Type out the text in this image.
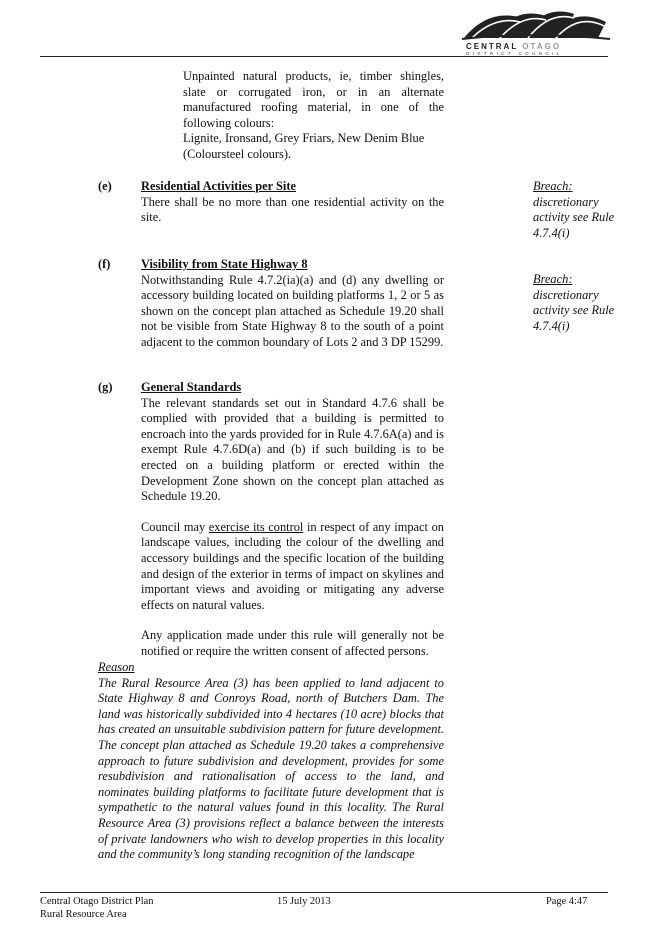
CENTRAL OTAGO
DISTRICT COUNCIL

Unpainted natural products, ie, timber shingles, slate or corrugated iron, or in an alternate manufactured roofing material, in one of the following colours:

Lignite, Ironsand, Grey Friars, New Denim Blue (Coloursteel colours).

(e) Residential Activities per Site

There shall be no more than one residential activity on the site.

Breach:
discretionary activity see Rule 4.7.4(i)
(f) Visibility from State Highway 8

Notwithstanding Rule 4.7.2(ia)(a) and (d) any dwelling or accessory building located on building platforms 1, 2 or 5 as shown on the concept plan attached as Schedule 19.20 shall not be visible from State Highway 8 to the south of a point adjacent to the common boundary of Lots 2 and 3 DP 15299.

Breach:
discretionary activity see Rule 4.7.4(i)
(g) General Standards

The relevant standards set out in Standard 4.7.6 shall be complied with provided that a building is permitted to encroach into the yards provided for in Rule 4.7.6A(a) and is exempt Rule 4.7.6D(a) and (b) if such building is to be erected on a building platform or erected within the Development Zone shown on the concept plan attached as Schedule 19.20.

Council may exercise its control in respect of any impact on landscape values, including the colour of the dwelling and accessory buildings and the specific location of the building and design of the exterior in terms of impact on skylines and important views and avoiding or mitigating any adverse effects on natural values.

Any application made under this rule will generally not be notified or require the written consent of affected persons.

Reason

The Rural Resource Area (3) has been applied to land adjacent to State Highway 8 and Conroys Road, north of Butchers Dam. The land was historically subdivided into 4 hectares (10 acre) blocks that has created an unsuitable subdivision pattern for future development. The concept plan attached as Schedule 19.20 takes a comprehensive approach to future subdivision and development, provides for some resubdivision and rationalisation of access to the land, and nominates building platforms to facilitate future development that is sympathetic to the natural values found in this locality. The Rural Resource Area (3) provisions reflect a balance between the interests of private landowners who wish to develop properties in this locality and the community’s long standing recognition of the landscape

Central Otago District Plan
Rural Resource Area
15 July 2013	Page 4:47
